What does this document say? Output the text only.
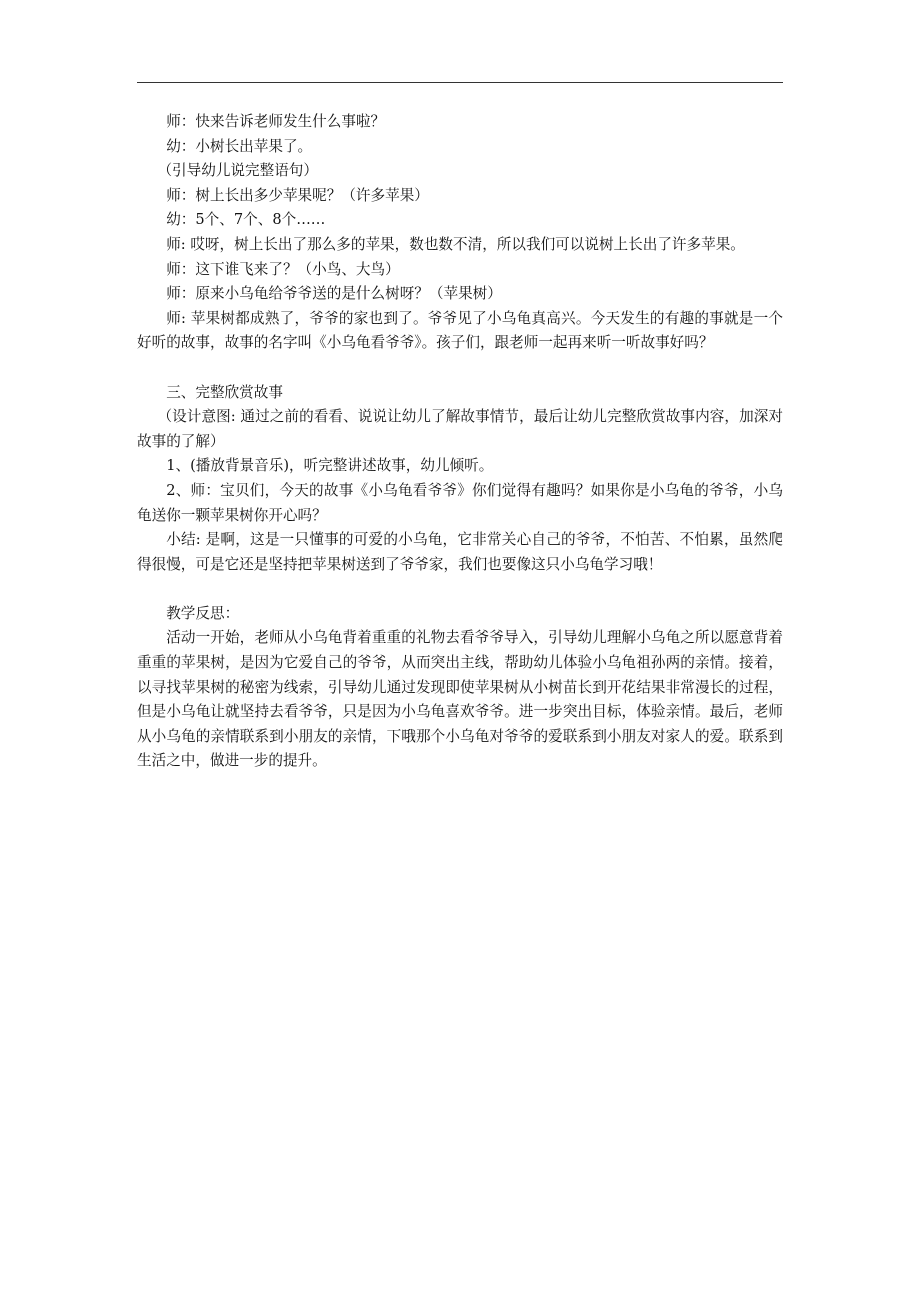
师：快来告诉老师发生什么事啦？

幼：小树长出苹果了。

（引导幼儿说完整语句）

师：树上长出多少苹果呢？（许多苹果）

幼：5个、7个、8个……

师: 哎呀，树上长出了那么多的苹果，数也数不清，所以我们可以说树上长出了许多苹果。

师：这下谁飞来了？（小鸟、大鸟）

师：原来小乌龟给爷爷送的是什么树呀？（苹果树）

师: 苹果树都成熟了，爷爷的家也到了。爷爷见了小乌龟真高兴。今天发生的有趣的事就是一个好听的故事，故事的名字叫《小乌龟看爷爷》。孩子们，跟老师一起再来听一听故事好吗？

三、完整欣赏故事

（设计意图: 通过之前的看看、说说让幼儿了解故事情节，最后让幼儿完整欣赏故事内容，加深对故事的了解）

1、(播放背景音乐)，听完整讲述故事，幼儿倾听。

2、师：宝贝们，今天的故事《小乌龟看爷爷》你们觉得有趣吗？如果你是小乌龟的爷爷，小乌龟送你一颗苹果树你开心吗？

小结: 是啊，这是一只懂事的可爱的小乌龟，它非常关心自己的爷爷，不怕苦、不怕累，虽然爬得很慢，可是它还是坚持把苹果树送到了爷爷家，我们也要像这只小乌龟学习哦！

教学反思：

活动一开始，老师从小乌龟背着重重的礼物去看爷爷导入，引导幼儿理解小乌龟之所以愿意背着重重的苹果树，是因为它爱自己的爷爷，从而突出主线，帮助幼儿体验小乌龟祖孙两的亲情。接着，以寻找苹果树的秘密为线索，引导幼儿通过发现即使苹果树从小树苗长到开花结果非常漫长的过程，但是小乌龟让就坚持去看爷爷，只是因为小乌龟喜欢爷爷。进一步突出目标，体验亲情。最后，老师从小乌龟的亲情联系到小朋友的亲情，下哦那个小乌龟对爷爷的爱联系到小朋友对家人的爱。联系到生活之中，做进一步的提升。
